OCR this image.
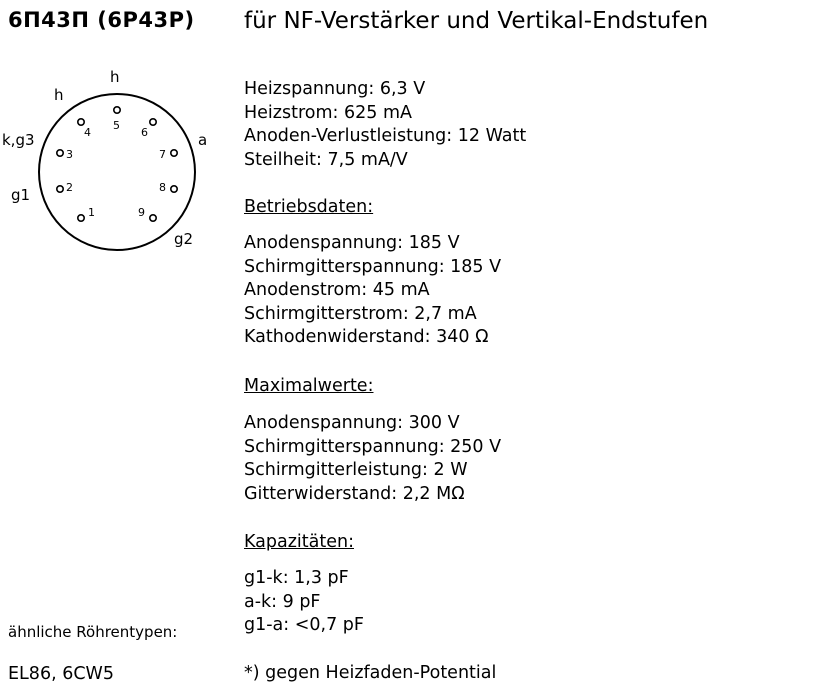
6П43П (6Р43Р) für NF-Verstärker und Vertikal-Endstufen
1
2
3
4
5
6
7
8
9
h
h
k,g3
g1
a
g2
Heizspannung: 6,3 V
Heizstrom: 625 mA
Anoden-Verlustleistung: 12 Watt
Steilheit: 7,5 mA/V
Betriebsdaten:
Anodenspannung: 185 V
Schirmgitterspannung: 185 V
Anodenstrom: 45 mA
Schirmgitterstrom: 2,7 mA
Kathodenwiderstand: 340 Ω
Maximalwerte:
Anodenspannung: 300 V
Schirmgitterspannung: 250 V
Schirmgitterleistung: 2 W
Gitterwiderstand: 2,2 MΩ
Kapazitäten:
g1-k: 1,3 pF
a-k: 9 pF
g1-a: <0,7 pF
ähnliche Röhrentypen:
EL86, 6CW5	*) gegen Heizfaden-Potential
